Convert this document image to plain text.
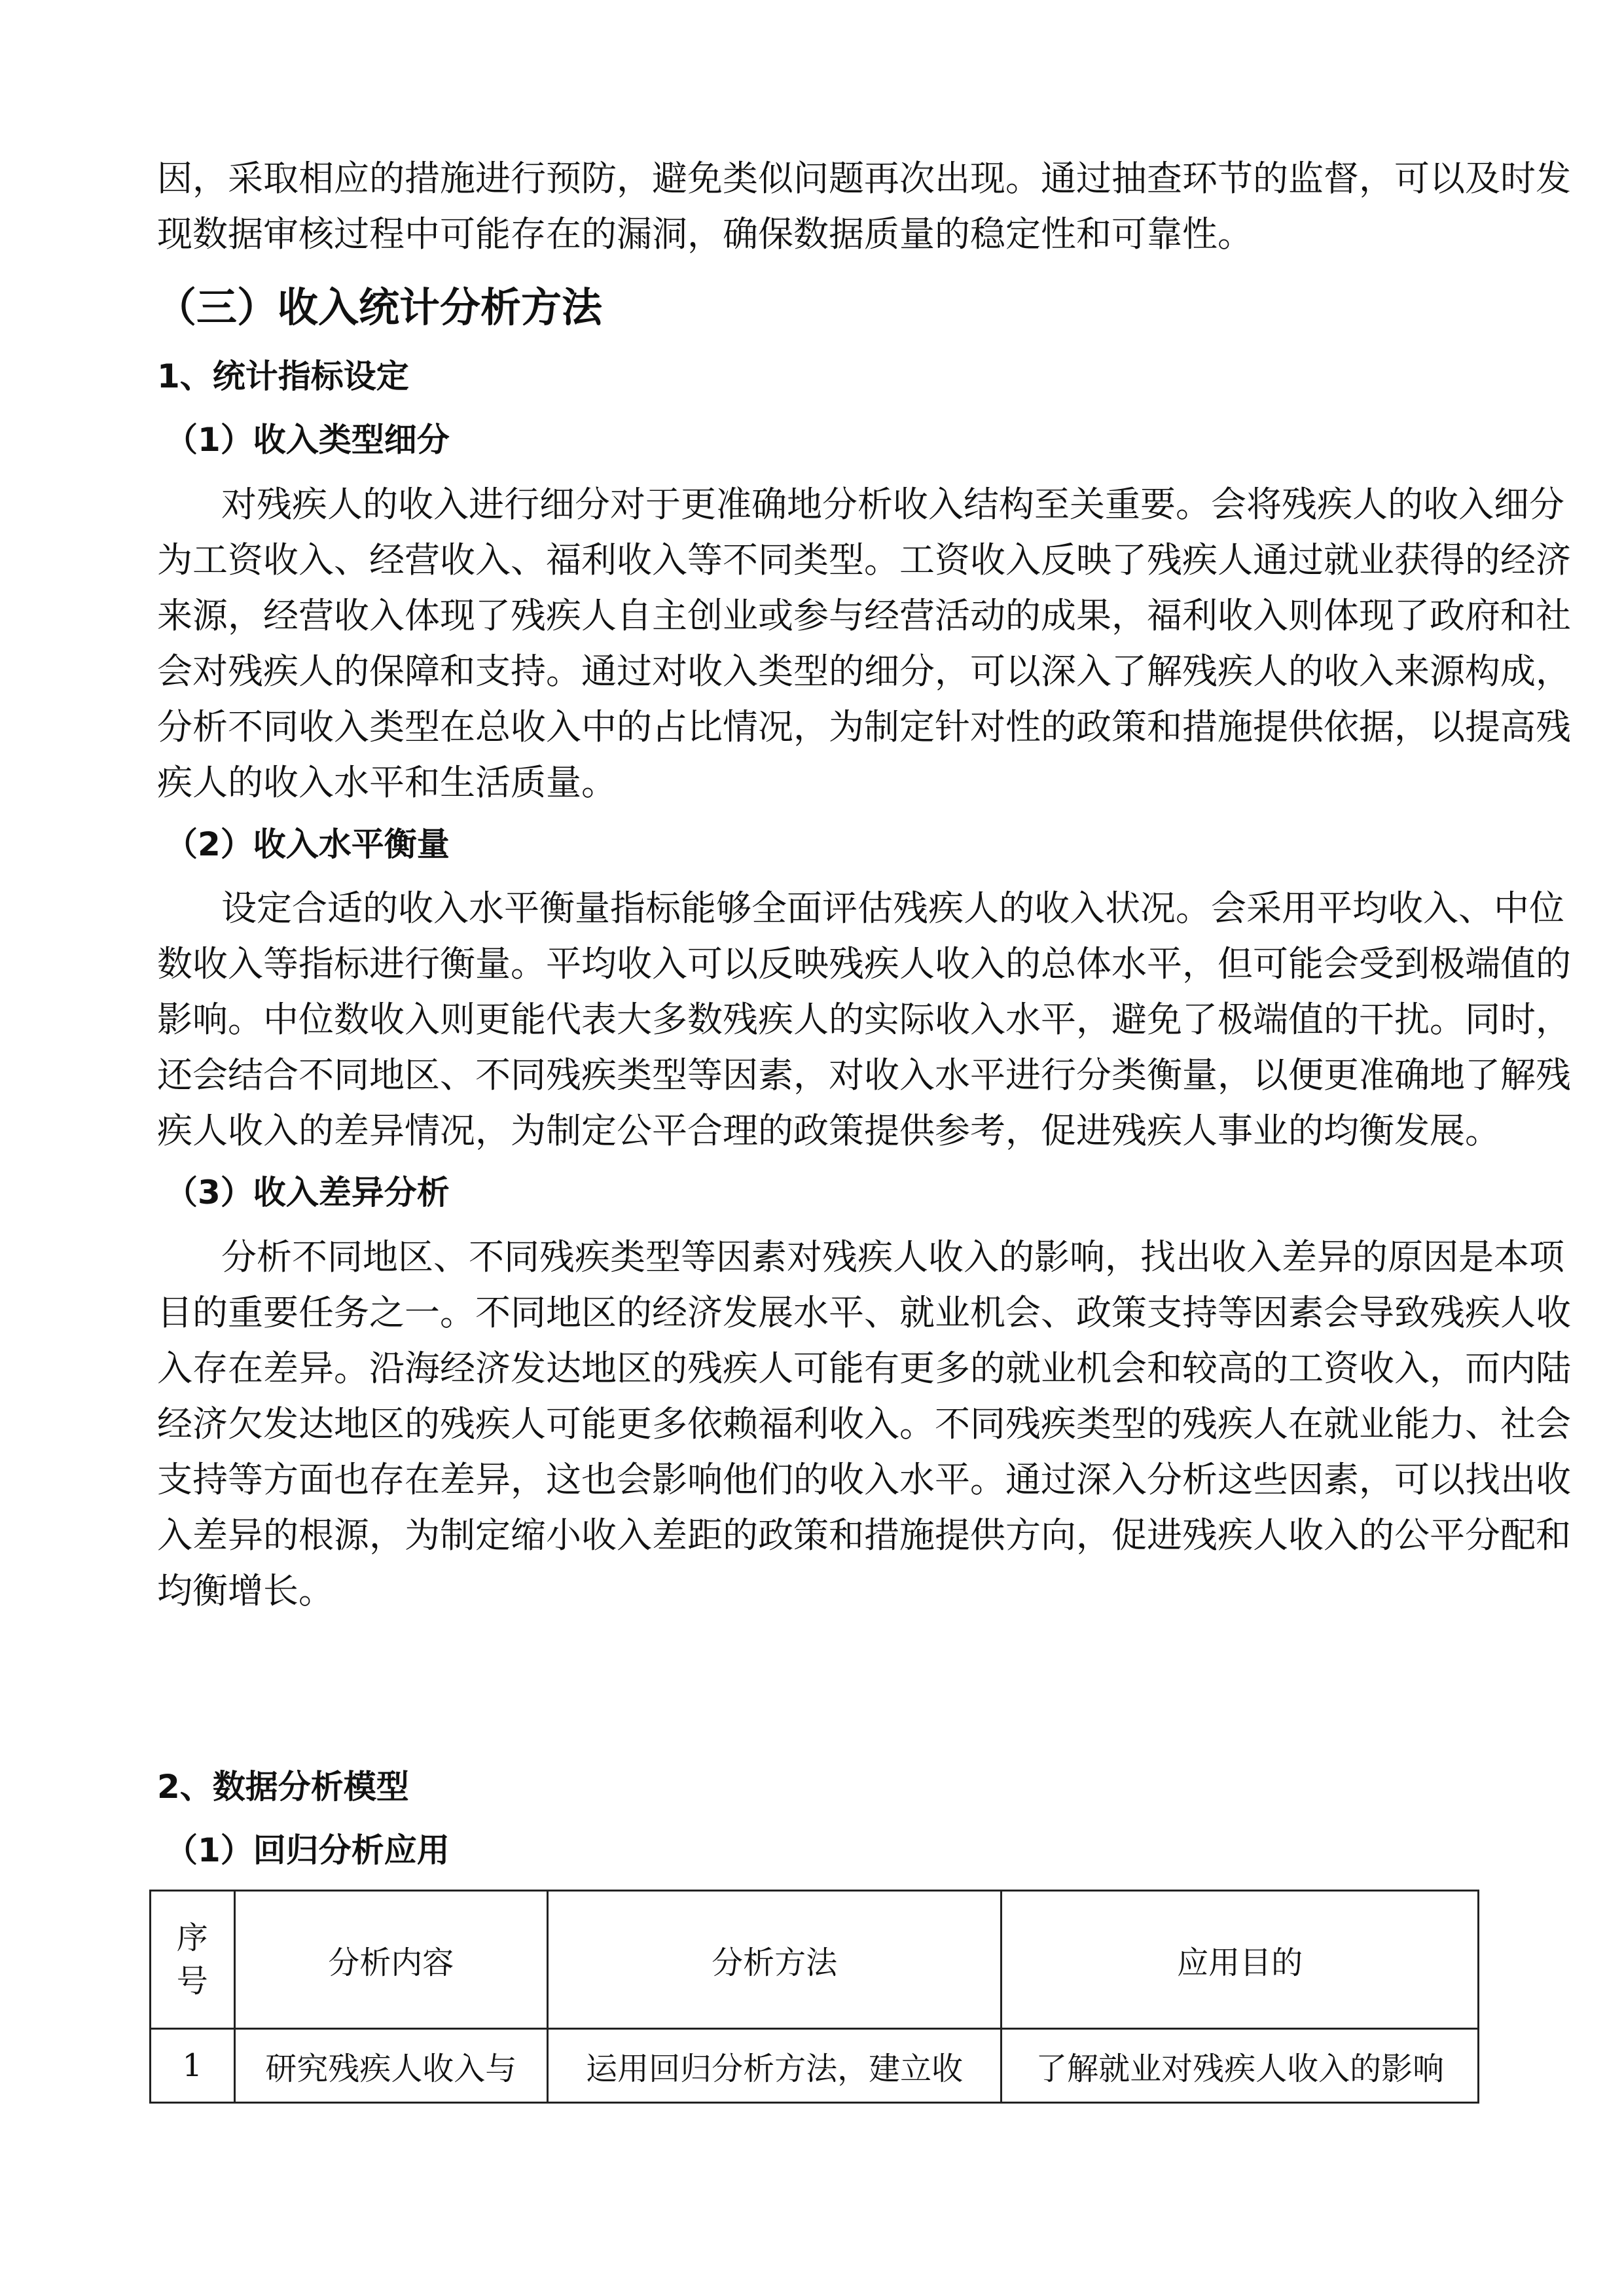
因，采取相应的措施进行预防，避免类似问题再次出现。通过抽查环节的监督，可以及时发
现数据审核过程中可能存在的漏洞，确保数据质量的稳定性和可靠性。
（三）收入统计分析方法
1、统计指标设定
（1）收入类型细分
对残疾人的收入进行细分对于更准确地分析收入结构至关重要。会将残疾人的收入细分
为工资收入、经营收入、福利收入等不同类型。工资收入反映了残疾人通过就业获得的经济
来源，经营收入体现了残疾人自主创业或参与经营活动的成果，福利收入则体现了政府和社
会对残疾人的保障和支持。通过对收入类型的细分，可以深入了解残疾人的收入来源构成，
分析不同收入类型在总收入中的占比情况，为制定针对性的政策和措施提供依据，以提高残
疾人的收入水平和生活质量。
（2）收入水平衡量
设定合适的收入水平衡量指标能够全面评估残疾人的收入状况。会采用平均收入、中位
数收入等指标进行衡量。平均收入可以反映残疾人收入的总体水平，但可能会受到极端值的
影响。中位数收入则更能代表大多数残疾人的实际收入水平，避免了极端值的干扰。同时，
还会结合不同地区、不同残疾类型等因素，对收入水平进行分类衡量，以便更准确地了解残
疾人收入的差异情况，为制定公平合理的政策提供参考，促进残疾人事业的均衡发展。
（3）收入差异分析
分析不同地区、不同残疾类型等因素对残疾人收入的影响，找出收入差异的原因是本项
目的重要任务之一。不同地区的经济发展水平、就业机会、政策支持等因素会导致残疾人收
入存在差异。沿海经济发达地区的残疾人可能有更多的就业机会和较高的工资收入，而内陆
经济欠发达地区的残疾人可能更多依赖福利收入。不同残疾类型的残疾人在就业能力、社会
支持等方面也存在差异，这也会影响他们的收入水平。通过深入分析这些因素，可以找出收
入差异的根源，为制定缩小收入差距的政策和措施提供方向，促进残疾人收入的公平分配和
均衡增长。
2、数据分析模型
（1）回归分析应用
序
号	分析内容	分析方法	应用目的
1	研究残疾人收入与	运用回归分析方法，建立收	了解就业对残疾人收入的影响
